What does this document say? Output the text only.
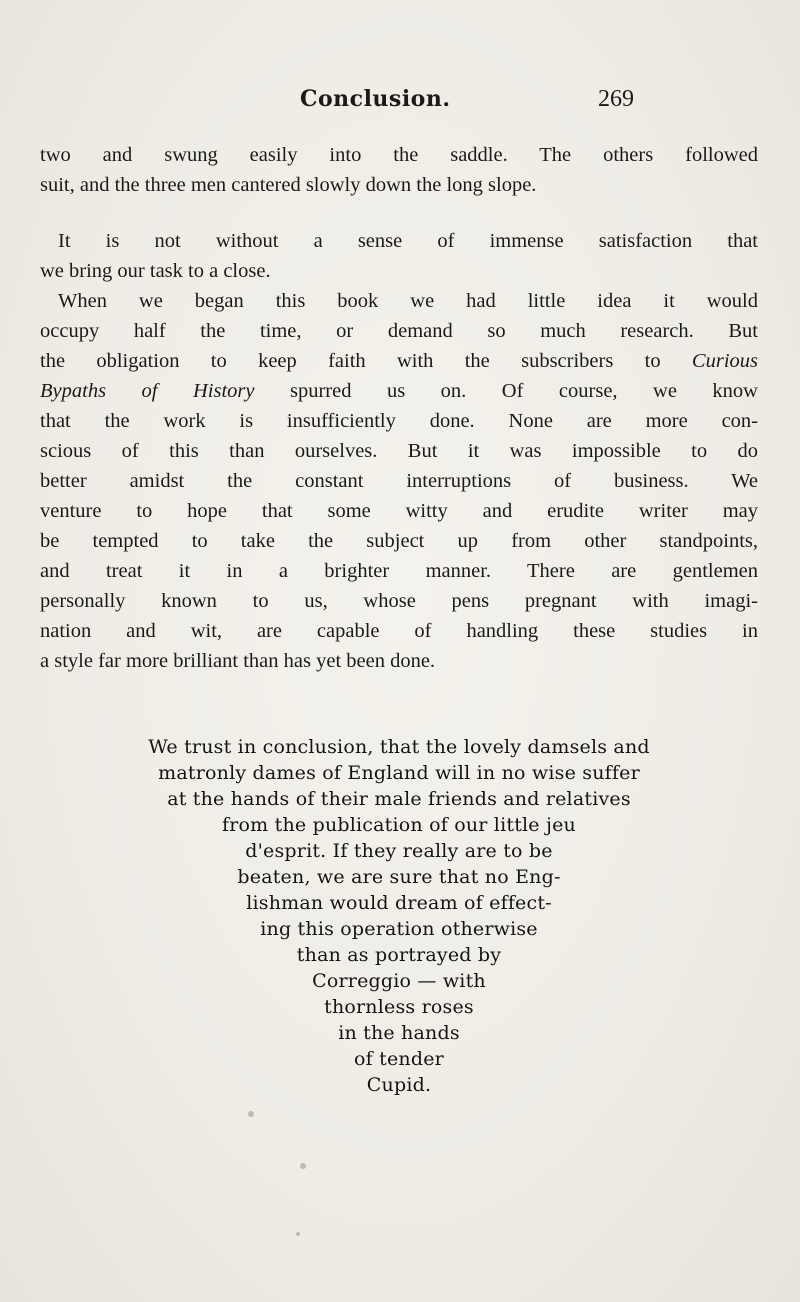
Conclusion.	269
two and swung easily into the saddle. The others followed
suit, and the three men cantered slowly down the long slope.
It is not without a sense of immense satisfaction that
we bring our task to a close.
When we began this book we had little idea it would
occupy half the time, or demand so much research. But
the obligation to keep faith with the subscribers to Curious
Bypaths of History spurred us on. Of course, we know
that the work is insufficiently done. None are more con-
scious of this than ourselves. But it was impossible to do
better amidst the constant interruptions of business. We
venture to hope that some witty and erudite writer may
be tempted to take the subject up from other standpoints,
and treat it in a brighter manner. There are gentlemen
personally known to us, whose pens pregnant with imagi-
nation and wit, are capable of handling these studies in
a style far more brilliant than has yet been done.
We trust in conclusion, that the lovely damsels and
matronly dames of England will in no wise suffer
at the hands of their male friends and relatives
from the publication of our little jeu
d'esprit. If they really are to be
beaten, we are sure that no Eng-
lishman would dream of effect-
ing this operation otherwise
than as portrayed by
Correggio — with
thornless roses
in the hands
of tender
Cupid.
